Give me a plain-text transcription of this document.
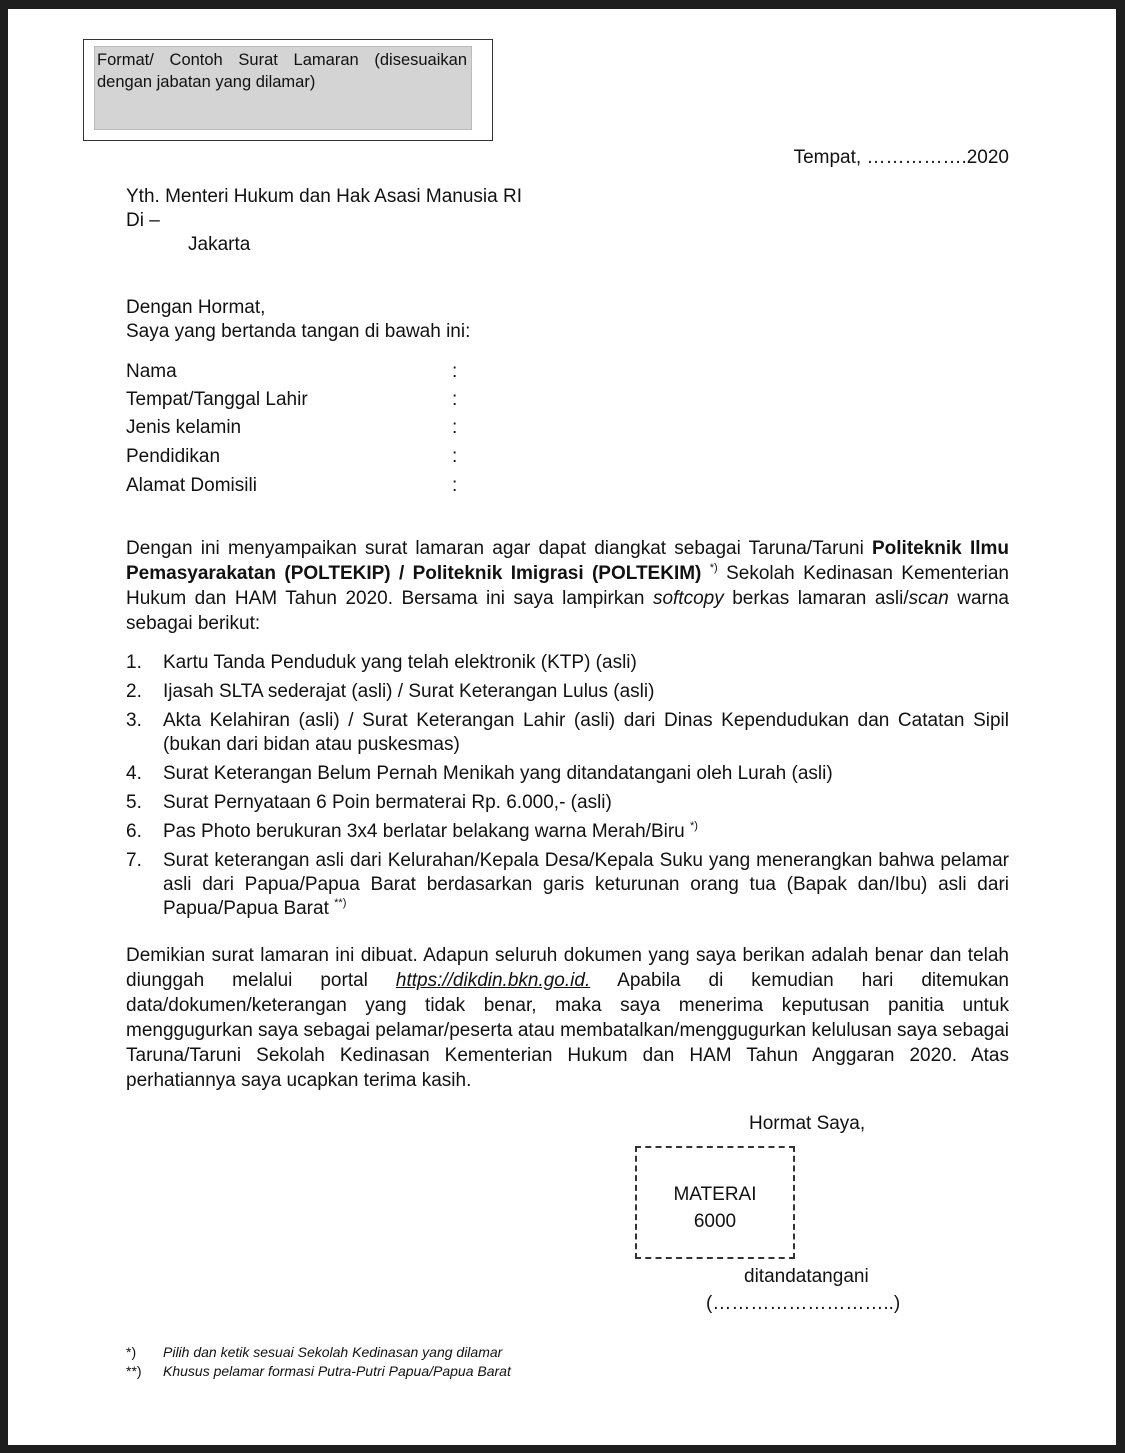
Format/ Contoh Surat Lamaran (disesuaikan dengan jabatan yang dilamar)
Tempat, …………….2020
Yth. Menteri Hukum dan Hak Asasi Manusia RI
Di –
Jakarta
Dengan Hormat,
Saya yang bertanda tangan di bawah ini:
Nama	:
Tempat/Tanggal Lahir	:
Jenis kelamin	:
Pendidikan	:
Alamat Domisili	:
Dengan ini menyampaikan surat lamaran agar dapat diangkat sebagai Taruna/Taruni Politeknik Ilmu Pemasyarakatan (POLTEKIP) / Politeknik Imigrasi (POLTEKIM) *) Sekolah Kedinasan Kementerian Hukum dan HAM Tahun 2020. Bersama ini saya lampirkan softcopy berkas lamaran asli/scan warna sebagai berikut:
1. Kartu Tanda Penduduk yang telah elektronik (KTP) (asli)
2. Ijasah SLTA sederajat (asli) / Surat Keterangan Lulus (asli)
3. Akta Kelahiran (asli) / Surat Keterangan Lahir (asli) dari Dinas Kependudukan dan Catatan Sipil (bukan dari bidan atau puskesmas)
4. Surat Keterangan Belum Pernah Menikah yang ditandatangani oleh Lurah (asli)
5. Surat Pernyataan 6 Poin bermaterai Rp. 6.000,- (asli)
6. Pas Photo berukuran 3x4 berlatar belakang warna Merah/Biru *)
7. Surat keterangan asli dari Kelurahan/Kepala Desa/Kepala Suku yang menerangkan bahwa pelamar asli dari Papua/Papua Barat berdasarkan garis keturunan orang tua (Bapak dan/Ibu) asli dari Papua/Papua Barat **)
Demikian surat lamaran ini dibuat. Adapun seluruh dokumen yang saya berikan adalah benar dan telah diunggah melalui portal https://dikdin.bkn.go.id. Apabila di kemudian hari ditemukan data/dokumen/keterangan yang tidak benar, maka saya menerima keputusan panitia untuk menggugurkan saya sebagai pelamar/peserta atau membatalkan/menggugurkan kelulusan saya sebagai Taruna/Taruni Sekolah Kedinasan Kementerian Hukum dan HAM Tahun Anggaran 2020. Atas perhatiannya saya ucapkan terima kasih.
Hormat Saya,
MATERAI
6000
ditandatangani
(………………………..)
*) Pilih dan ketik sesuai Sekolah Kedinasan yang dilamar
**) Khusus pelamar formasi Putra-Putri Papua/Papua Barat
